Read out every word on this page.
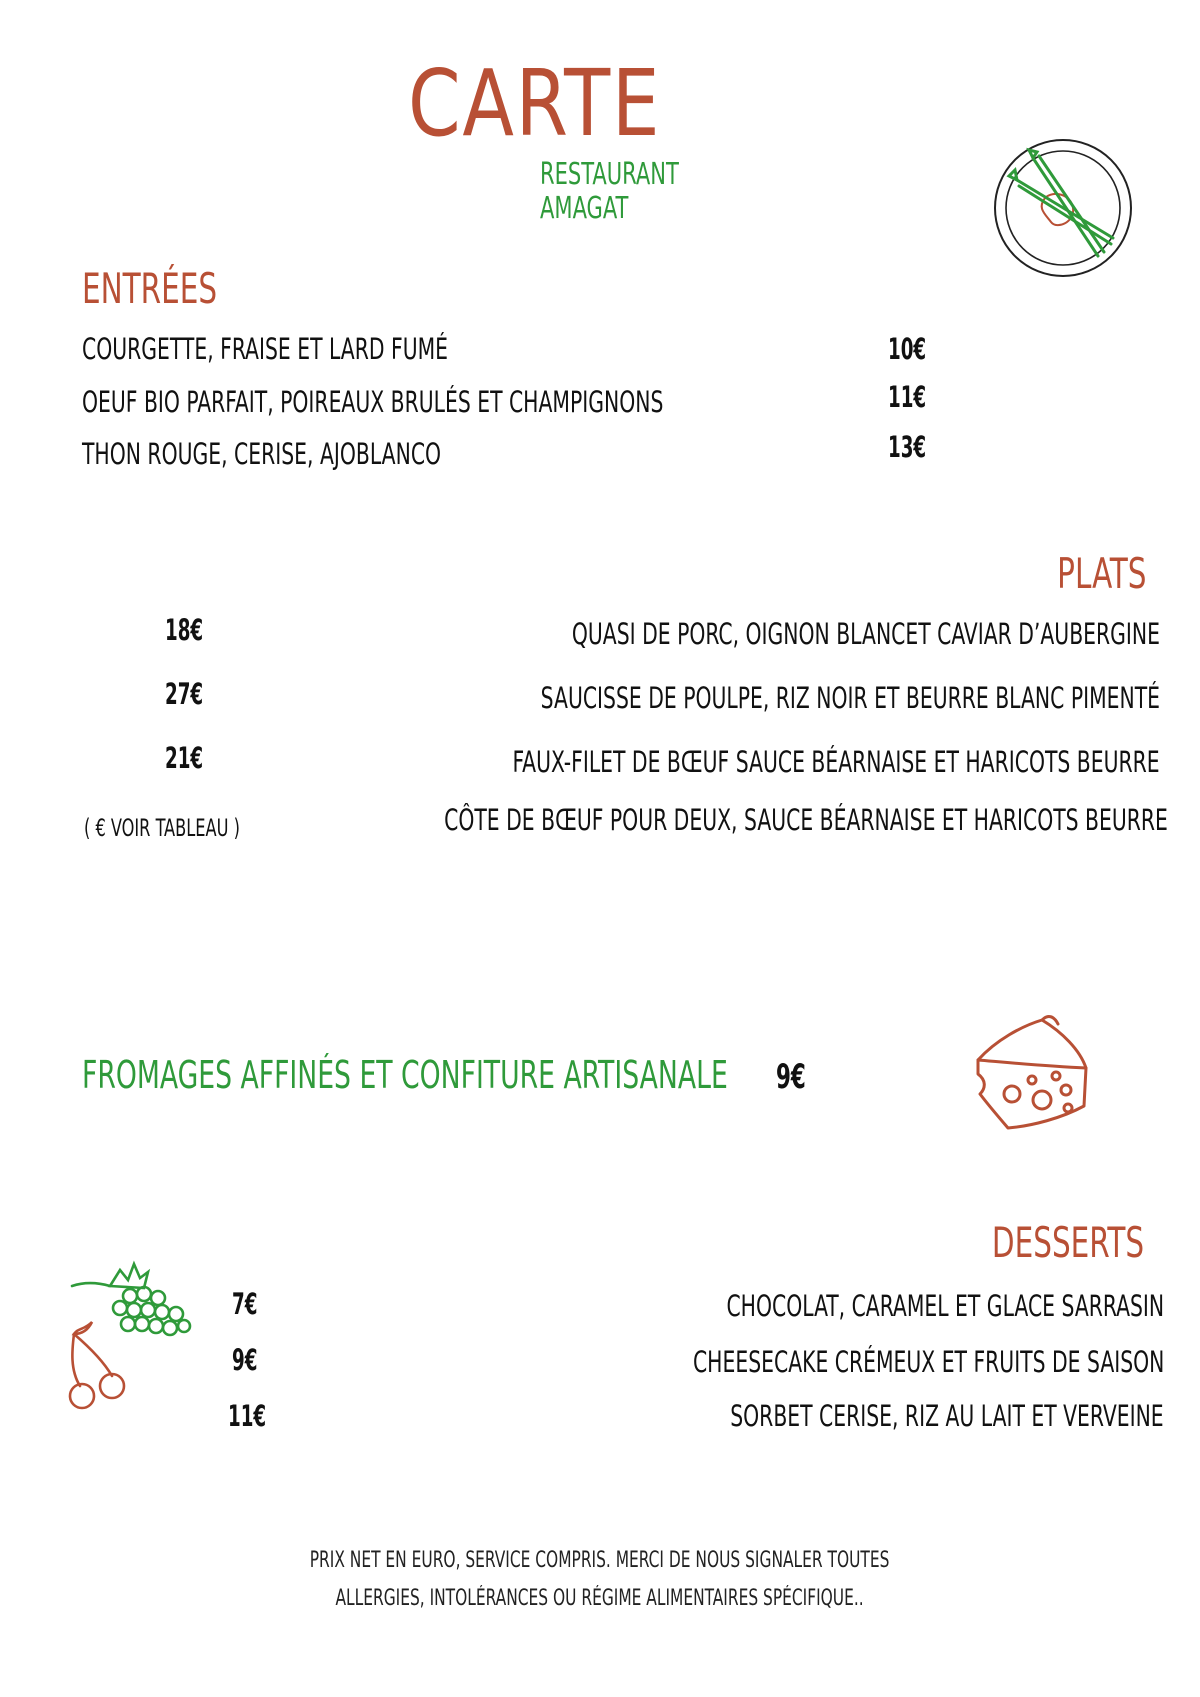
CARTE
RESTAURANT
AMAGAT
ENTRÉES
COURGETTE, FRAISE ET LARD FUMÉ	10€
OEUF BIO PARFAIT, POIREAUX BRULÉS ET CHAMPIGNONS	11€
THON ROUGE, CERISE, AJOBLANCO	13€
PLATS
18€	QUASI DE PORC, OIGNON BLANCET CAVIAR D’AUBERGINE
27€	SAUCISSE DE POULPE, RIZ NOIR ET BEURRE BLANC PIMENTÉ
21€	FAUX-FILET DE BŒUF SAUCE BÉARNAISE ET HARICOTS BEURRE
( € VOIR TABLEAU )	CÔTE DE BŒUF POUR DEUX, SAUCE BÉARNAISE ET HARICOTS BEURRE
FROMAGES AFFINÉS ET CONFITURE ARTISANALE 9€
DESSERTS
7€	CHOCOLAT, CARAMEL ET GLACE SARRASIN
9€	CHEESECAKE CRÉMEUX ET FRUITS DE SAISON
11€	SORBET CERISE, RIZ AU LAIT ET VERVEINE
PRIX NET EN EURO, SERVICE COMPRIS. MERCI DE NOUS SIGNALER TOUTES
ALLERGIES, INTOLÉRANCES OU RÉGIME ALIMENTAIRES SPÉCIFIQUE..
